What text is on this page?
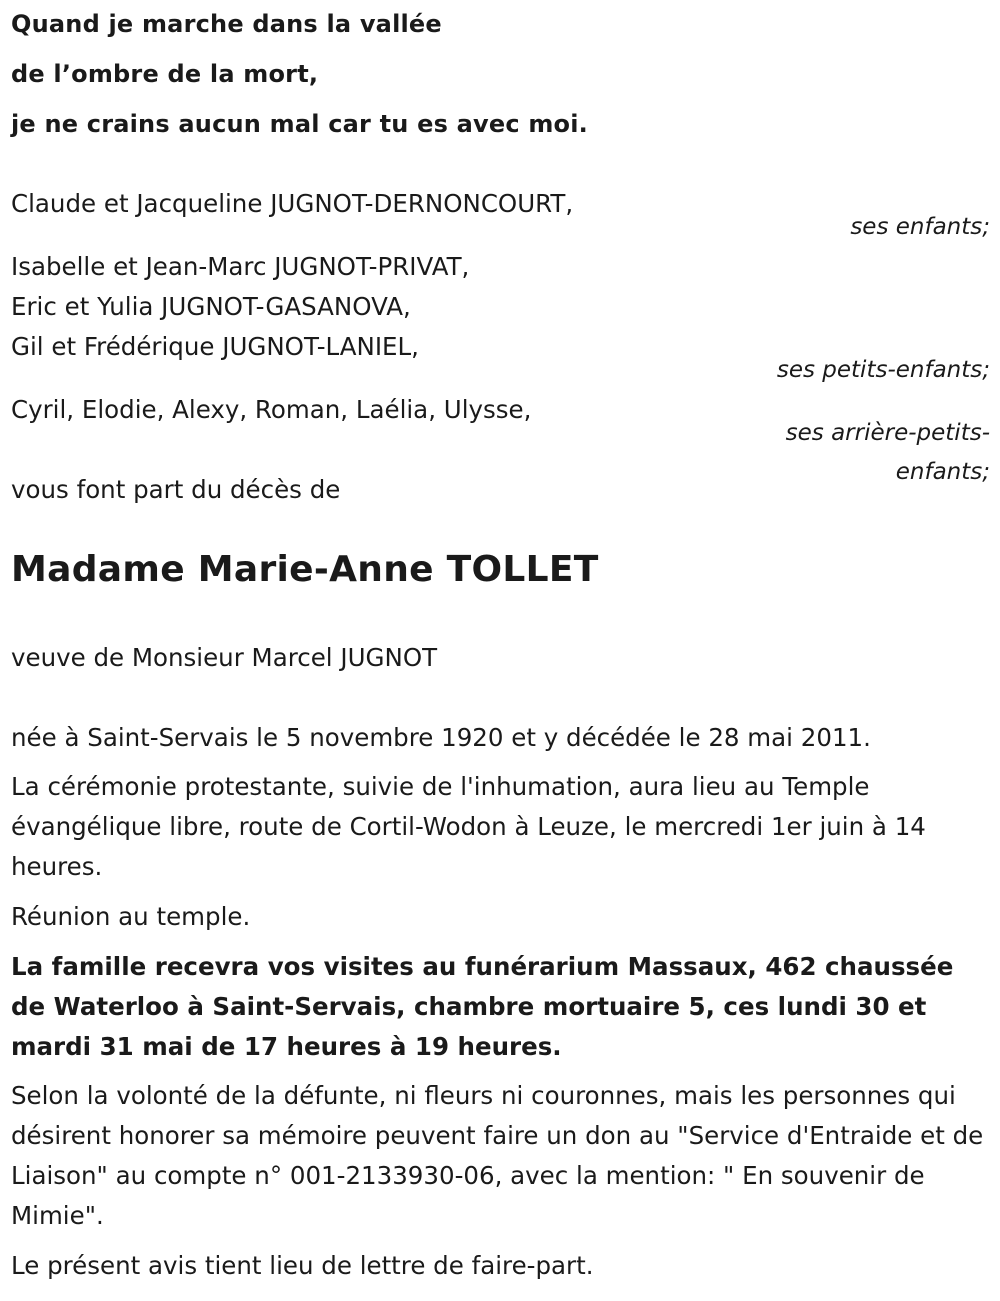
Quand je marche dans la vallée
de l’ombre de la mort,
je ne crains aucun mal car tu es avec moi.
Claude et Jacqueline JUGNOT-DERNONCOURT,
ses enfants;
Isabelle et Jean-Marc JUGNOT-PRIVAT,
Eric et Yulia JUGNOT-GASANOVA,
Gil et Frédérique JUGNOT-LANIEL,
ses petits-enfants;
Cyril, Elodie, Alexy, Roman, Laélia, Ulysse,
ses arrière-petits-
enfants;
vous font part du décès de
Madame Marie-Anne TOLLET
veuve de Monsieur Marcel JUGNOT
née à Saint-Servais le 5 novembre 1920 et y décédée le 28 mai 2011.
La cérémonie protestante, suivie de l'inhumation, aura lieu au Temple évangélique libre, route de Cortil-Wodon à Leuze, le mercredi 1er juin à 14 heures.
Réunion au temple.
La famille recevra vos visites au funérarium Massaux, 462 chaussée de Waterloo à Saint-Servais, chambre mortuaire 5, ces lundi 30 et mardi 31 mai de 17 heures à 19 heures.
Selon la volonté de la défunte, ni fleurs ni couronnes, mais les personnes qui désirent honorer sa mémoire peuvent faire un don au "Service d'Entraide et de Liaison" au compte n° 001-2133930-06, avec la mention: " En souvenir de Mimie".
Le présent avis tient lieu de lettre de faire-part.
